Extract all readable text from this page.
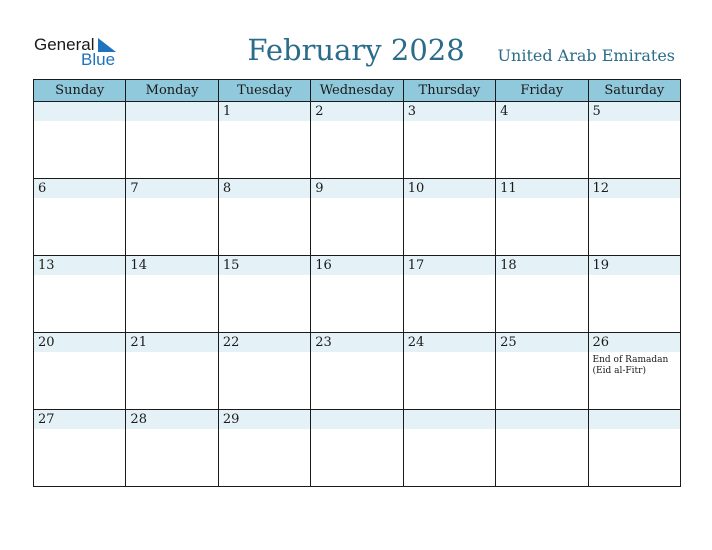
General
Blue	February 2028	United Arab Emirates
Sunday	Monday	Tuesday	Wednesday	Thursday	Friday	Saturday

		1	2	3	4	5

6	7	8	9	10	11	12

13	14	15	16	17	18	19

20	21	22	23	24	25	26
End of Ramadan
(Eid al-Fitr)

27	28	29				
